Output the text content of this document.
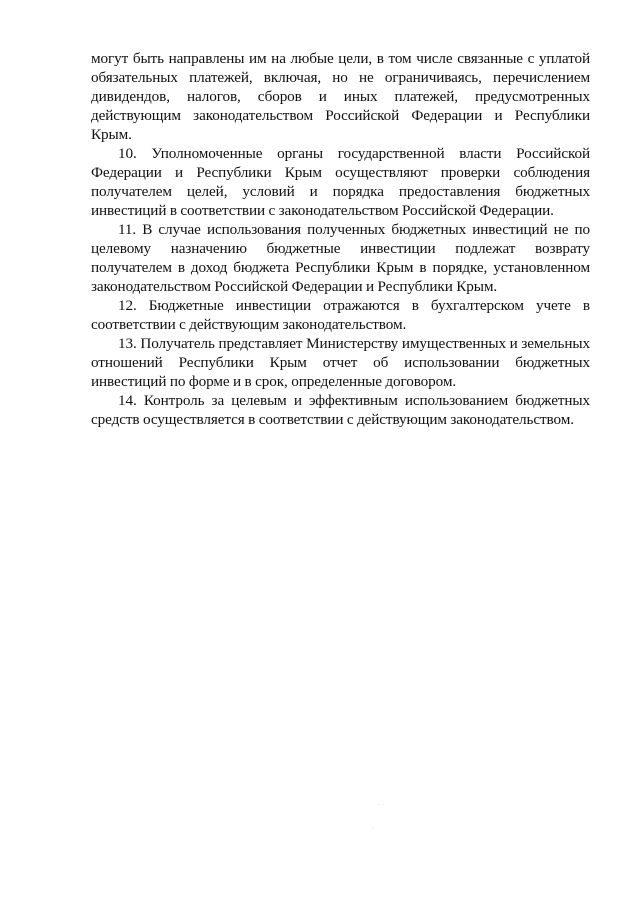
могут быть направлены им на любые цели, в том числе связанные с уплатой обязательных платежей, включая, но не ограничиваясь, перечислением дивидендов, налогов, сборов и иных платежей, предусмотренных действующим законодательством Российской Федерации и Республики Крым.

10. Уполномоченные органы государственной власти Российской Федерации и Республики Крым осуществляют проверки соблюдения получателем целей, условий и порядка предоставления бюджетных инвестиций в соответствии с законодательством Российской Федерации.

11. В случае использования полученных бюджетных инвестиций не по целевому назначению бюджетные инвестиции подлежат возврату получателем в доход бюджета Республики Крым в порядке, установленном законодательством Российской Федерации и Республики Крым.

12. Бюджетные инвестиции отражаются в бухгалтерском учете в соответствии с действующим законодательством.

13. Получатель представляет Министерству имущественных и земельных отношений Республики Крым отчет об использовании бюджетных инвестиций по форме и в срок, определенные договором.

14. Контроль за целевым и эффективным использованием бюджетных средств осуществляется в соответствии с действующим законодательством.

· ·
·
